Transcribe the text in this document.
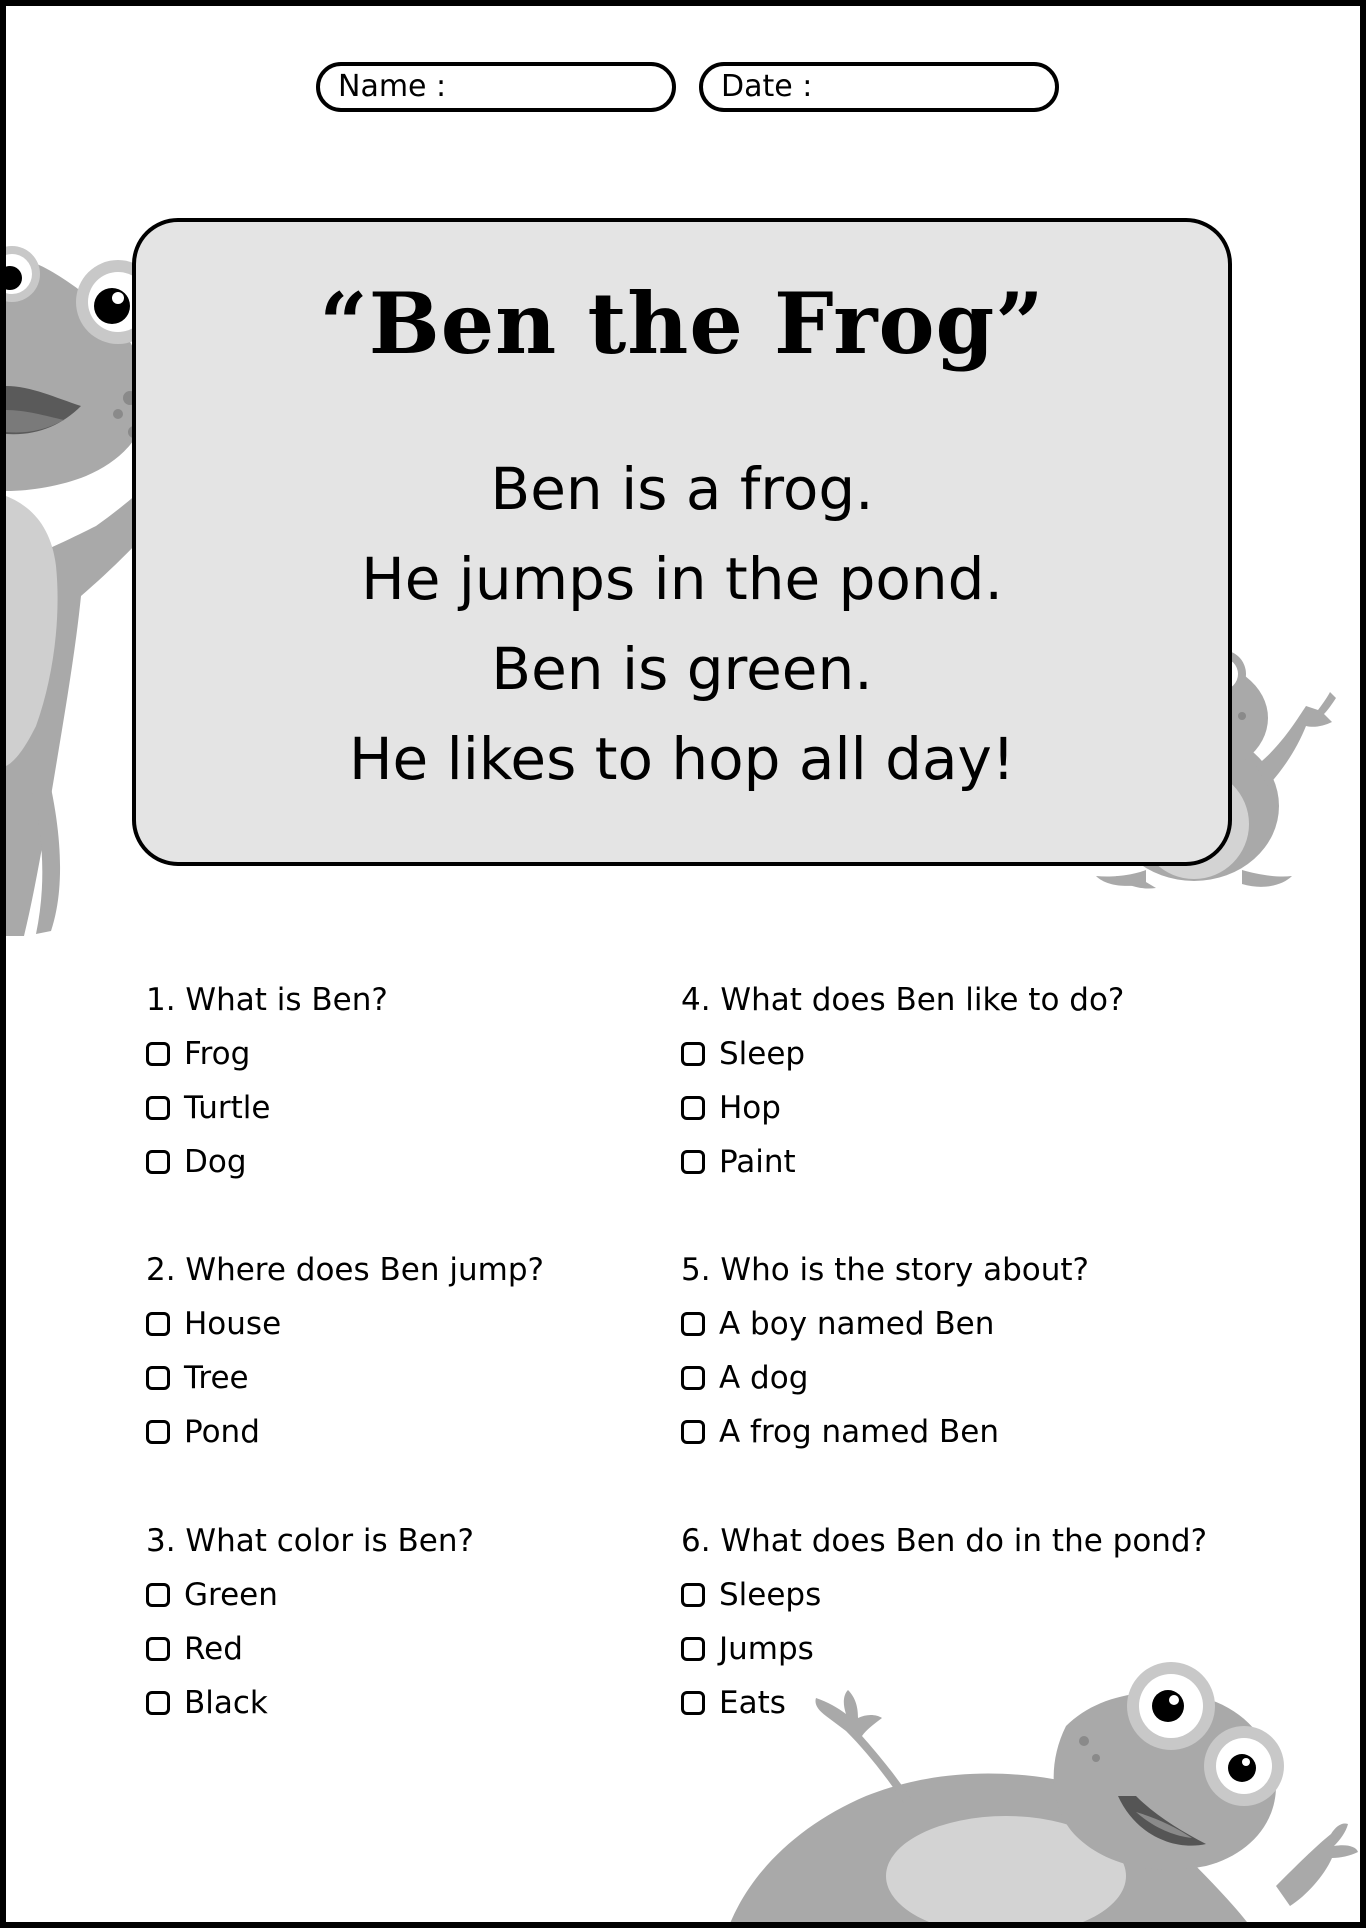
Name :	Date :
“Ben the Frog”
Ben is a frog.
He jumps in the pond.
Ben is green.
He likes to hop all day!
1. What is Ben?
Frog
Turtle
Dog
2. Where does Ben jump?
House
Tree
Pond
3. What color is Ben?
Green
Red
Black
4. What does Ben like to do?
Sleep
Hop
Paint
5. Who is the story about?
A boy named Ben
A dog
A frog named Ben
6. What does Ben do in the pond?
Sleeps
Jumps
Eats
